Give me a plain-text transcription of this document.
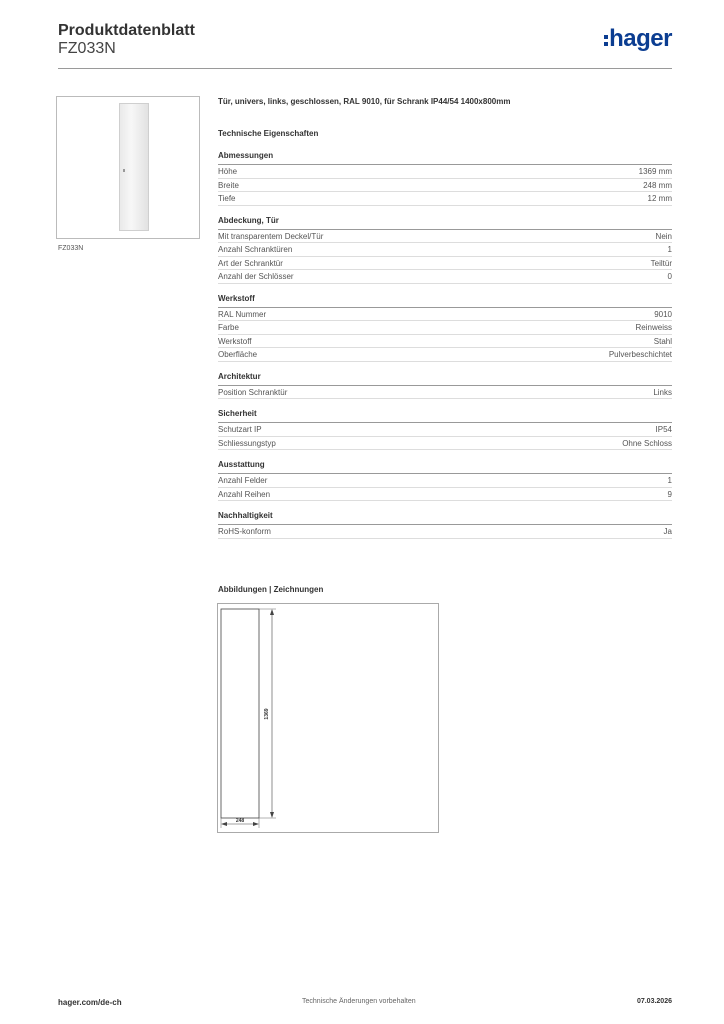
Produktdatenblatt
FZ033N	hager
FZ033N
Tür, univers, links, geschlossen, RAL 9010, für Schrank IP44/54 1400x800mm
Technische Eigenschaften
Abmessungen
Höhe	1369 mm
Breite	248 mm
Tiefe	12 mm
Abdeckung, Tür
Mit transparentem Deckel/Tür	Nein
Anzahl Schranktüren	1
Art der Schranktür	Teiltür
Anzahl der Schlösser	0
Werkstoff
RAL Nummer	9010
Farbe	Reinweiss
Werkstoff	Stahl
Oberfläche	Pulverbeschichtet
Architektur
Position Schranktür	Links
Sicherheit
Schutzart IP	IP54
Schliessungstyp	Ohne Schloss
Ausstattung
Anzahl Felder	1
Anzahl Reihen	9
Nachhaltigkeit
RoHS-konform	Ja
Abbildungen | Zeichnungen
1369
248
hager.com/de-ch	Technische Änderungen vorbehalten	07.03.2026
